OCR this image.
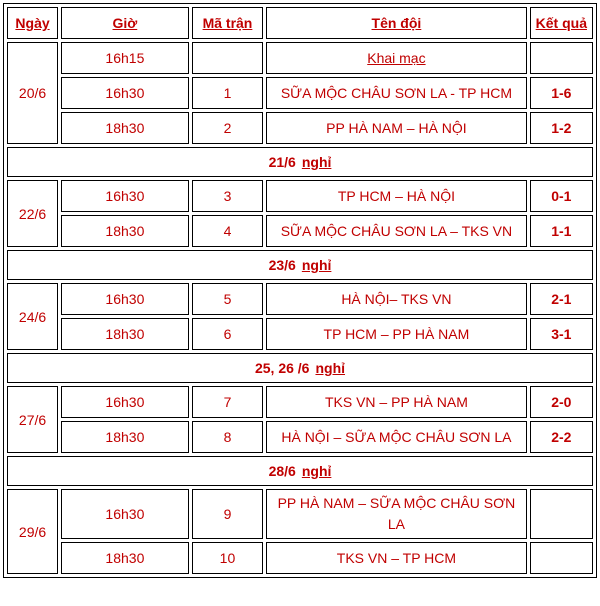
Ngày	Giờ	Mã trận	Tên đội	Kết quả
20/6	16h15		Khai mạc	
	16h30	1	SỮA MỘC CHÂU SƠN LA - TP HCM	1-6
	18h30	2	PP HÀ NAM – HÀ NỘI	1-2
21/6 nghỉ				
22/6	16h30	3	TP HCM – HÀ NỘI	0-1
	18h30	4	SỮA MỘC CHÂU SƠN LA – TKS VN	1-1
23/6 nghỉ				
24/6	16h30	5	HÀ NỘI– TKS VN	2-1
	18h30	6	TP HCM – PP HÀ NAM	3-1
25, 26 /6 nghỉ				
27/6	16h30	7	TKS VN – PP HÀ NAM	2-0
	18h30	8	HÀ NỘI – SỮA MỘC CHÂU SƠN LA	2-2
28/6 nghỉ				
29/6	16h30	9	PP HÀ NAM – SỮA MỘC CHÂU SƠN
LA	

	18h30	10	TKS VN – TP HCM	
